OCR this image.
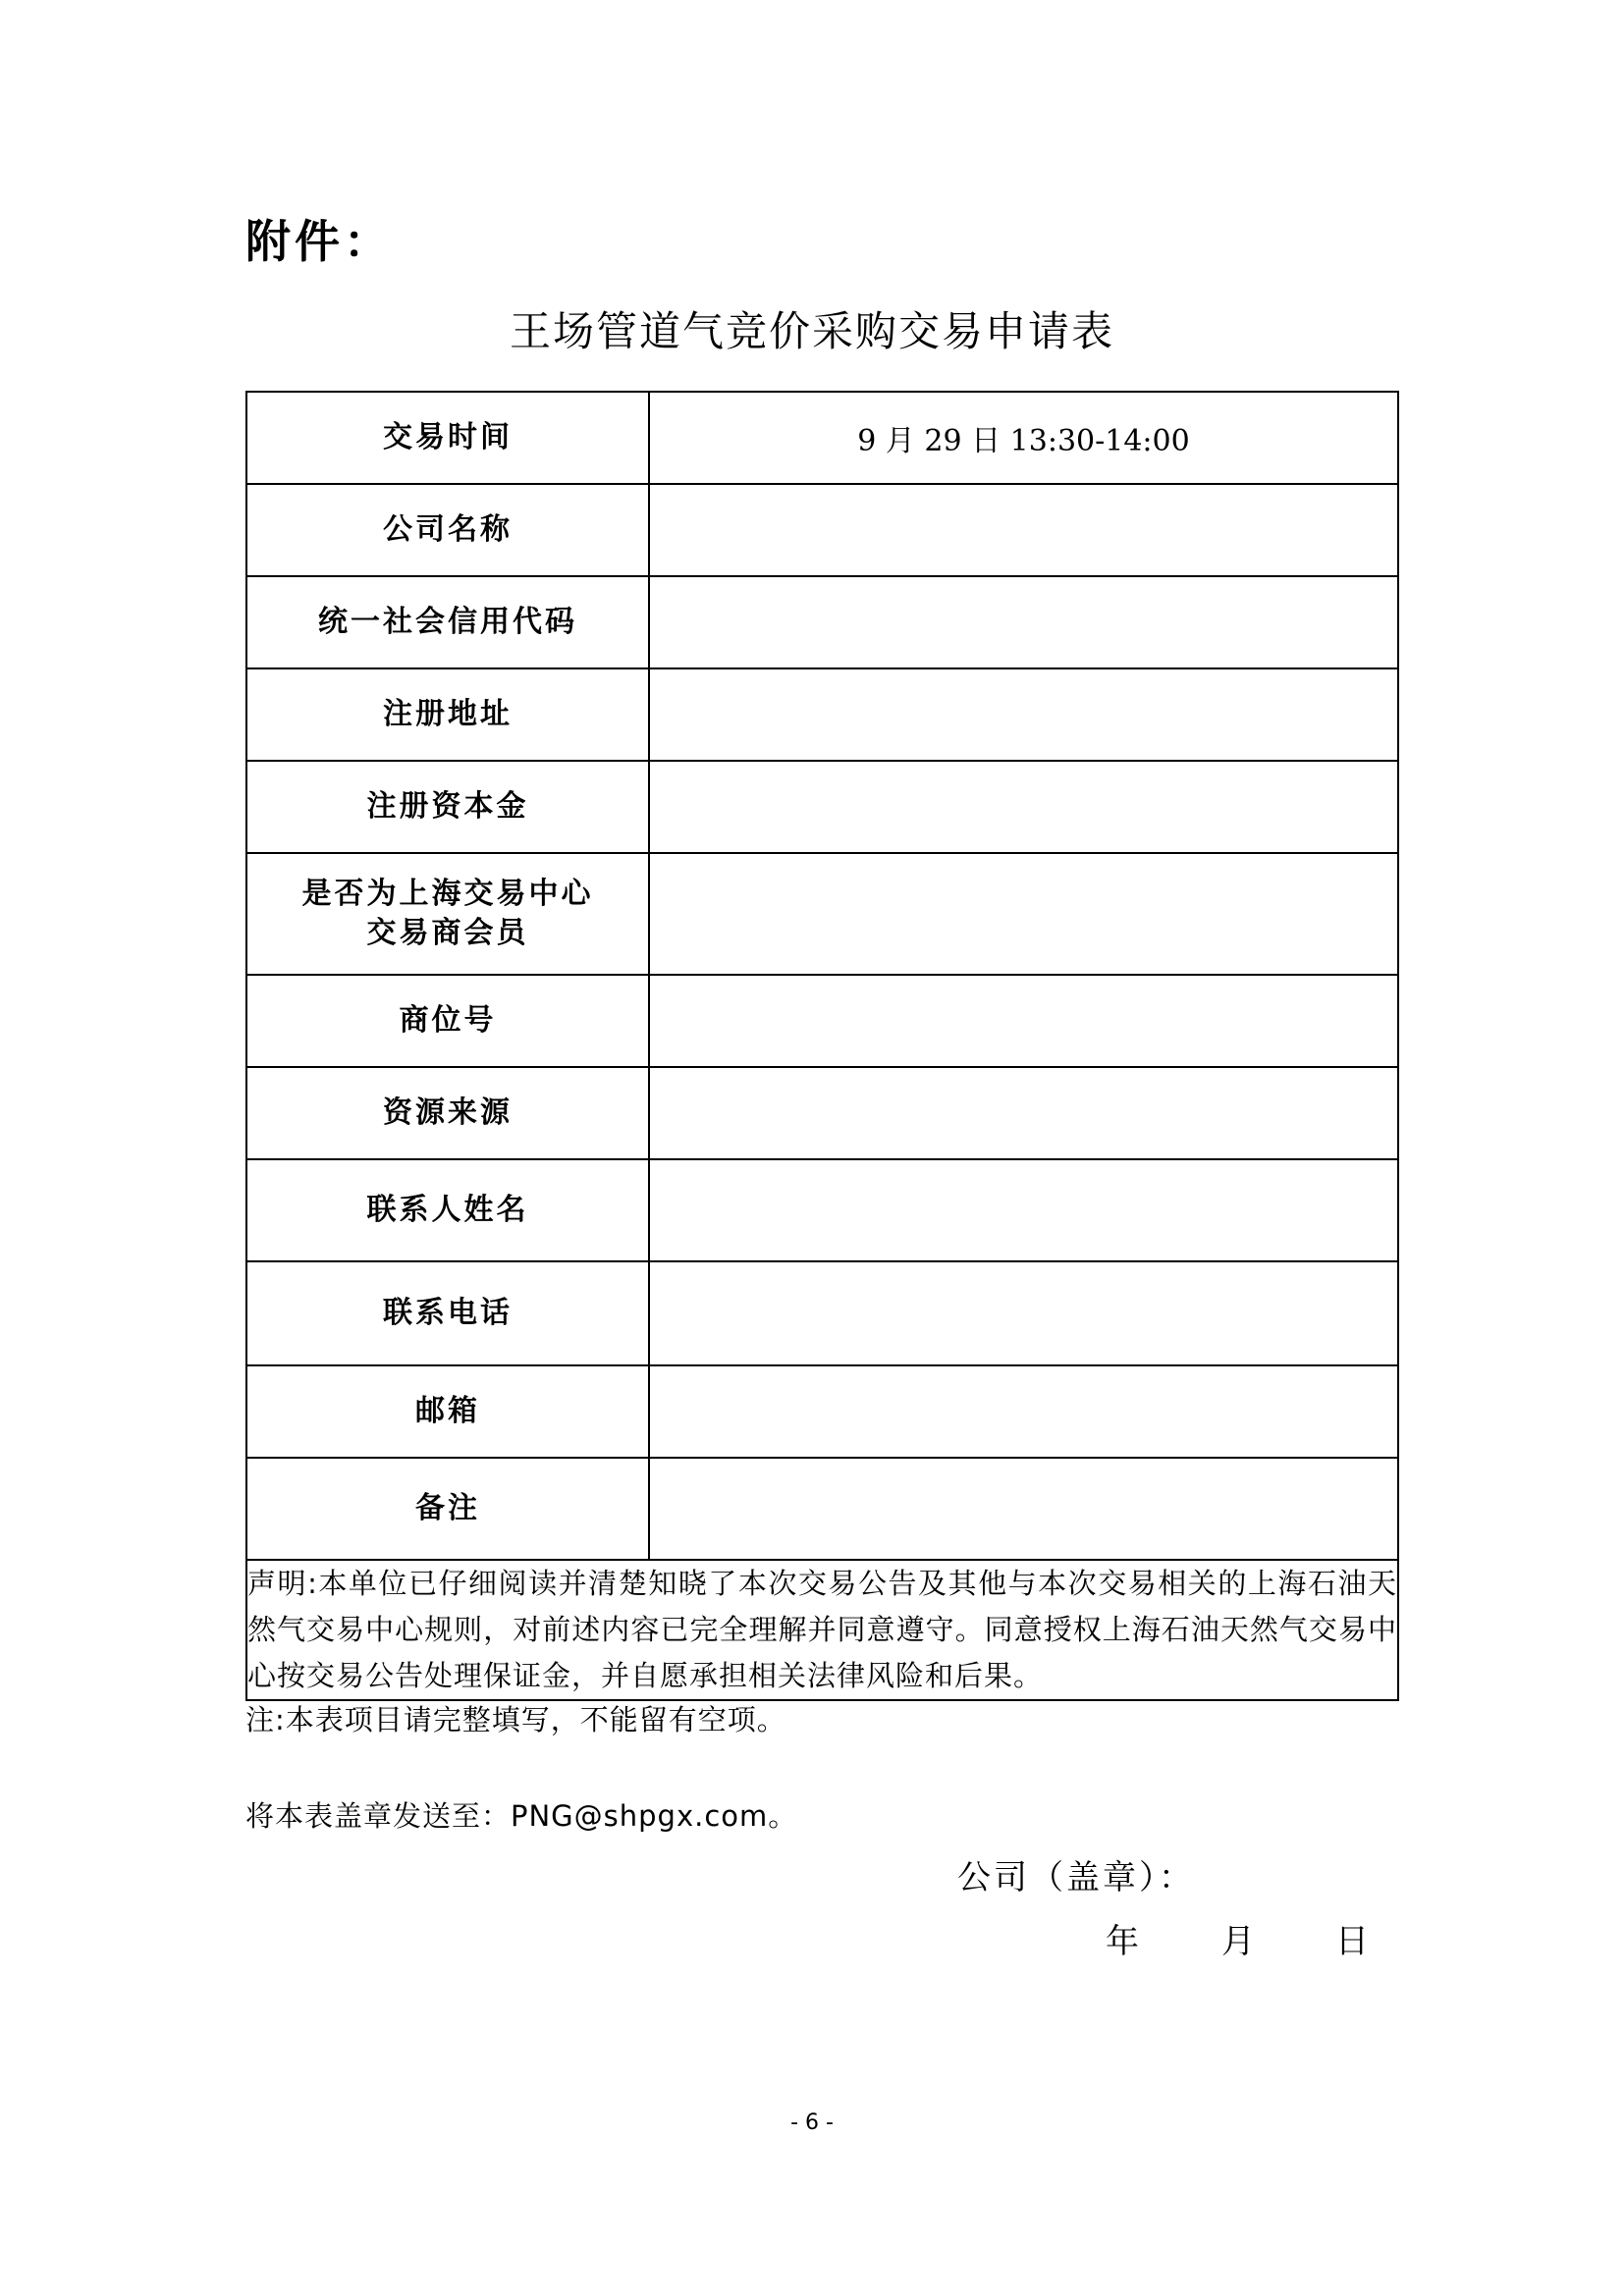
附件：
王场管道气竞价采购交易申请表
交易时间	9 月 29 日 13:30-14:00
公司名称	
统一社会信用代码	
注册地址	
注册资本金	

是否为上海交易中心
交易商会员	

商位号	
资源来源	
联系人姓名	
联系电话	
邮箱	
备注	
声明:本单位已仔细阅读并清楚知晓了本次交易公告及其他与本次交易相关的上海石油天然气交易中心规则，对前述内容已完全理解并同意遵守。同意授权上海石油天然气交易中心按交易公告处理保证金，并自愿承担相关法律风险和后果。	
注:本表项目请完整填写，不能留有空项。
将本表盖章发送至：PNG@shpgx.com。
公司（盖章）：
年 月 日
- 6 -
